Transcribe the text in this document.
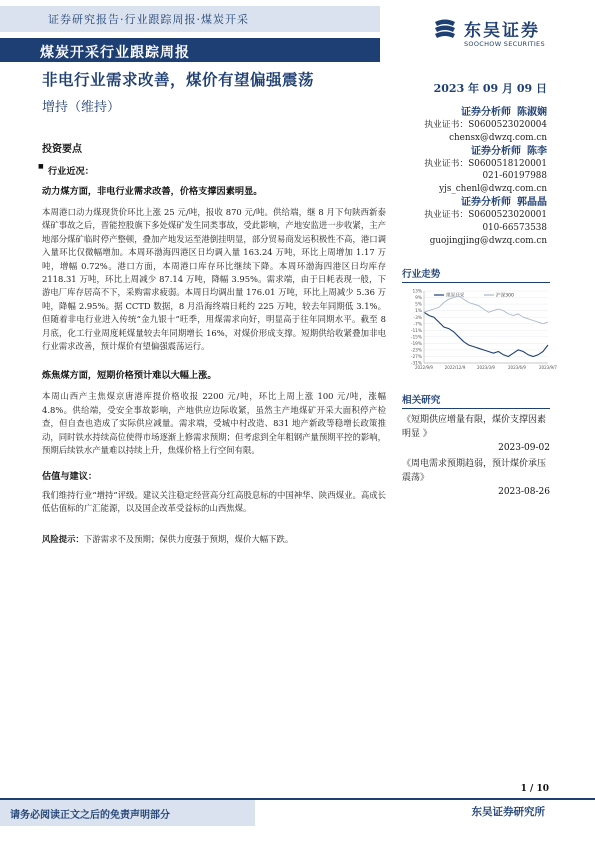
证券研究报告·行业跟踪周报·煤炭开采
煤炭开采行业跟踪周报
东吴证券
SOOCHOW SECURITIES
非电行业需求改善，煤价有望偏强震荡
增持（维持）
2023 年 09 月 09 日
证券分析师 陈淑娴
执业证书：S0600523020004
chensx@dwzq.com.cn
证券分析师 陈李
执业证书：S0600518120001
021-60197988
yjs_chenl@dwzq.com.cn
证券分析师 郭晶晶
执业证书：S0600523020001
010-66573538
guojingjing@dwzq.com.cn
投资要点
■ 行业近况：
动力煤方面，非电行业需求改善，价格支撑因素明显。

本周港口动力煤现货价环比上涨 25 元/吨，报收 870 元/吨。供给端，继 8 月下旬陕西新泰煤矿事故之后，晋能控股旗下多处煤矿发生同类事故，受此影响，产地安监进一步收紧，主产地部分煤矿临时停产整顿，叠加产地发运至港倒挂明显，部分贸易商发运积极性不高，港口调入量环比仅微幅增加。本周环渤海四港区日均调入量 163.24 万吨，环比上周增加 1.17 万吨，增幅 0.72%。港口方面，本周港口库存环比继续下降。本周环渤海四港区日均库存 2118.31 万吨，环比上周减少 87.14 万吨，降幅 3.95%。需求端，由于日耗表现一般，下游电厂库存居高不下，采购需求疲弱。本周日均调出量 176.01 万吨，环比上周减少 5.36 万吨，降幅 2.95%。据 CCTD 数据，8 月沿海终端日耗约 225 万吨，较去年同期低 3.1%。但随着非电行业进入传统“金九银十”旺季，用煤需求向好，明显高于往年同期水平。截至 8 月底，化工行业周度耗煤量较去年同期增长 16%，对煤价形成支撑。短期供给收紧叠加非电行业需求改善，预计煤价有望偏强震荡运行。

炼焦煤方面，短期价格预计难以大幅上涨。

本周山西产主焦煤京唐港库提价格收报 2200 元/吨，环比上周上涨 100 元/吨，涨幅 4.8%。供给端，受安全事故影响，产地供应边际收紧，虽然主产地煤矿开采大面积停产检查，但自查也造成了实际供应减量。需求端，受城中村改造、831 地产新政等稳增长政策推动，同时铁水持续高位使得市场逐渐上修需求预期；但考虑到全年粗钢产量预期平控的影响，预期后续铁水产量难以持续上升，焦煤价格上行空间有限。

估值与建议：

我们维持行业“增持”评级。建议关注稳定经营高分红高股息标的中国神华、陕西煤业。高成长低估值标的广汇能源，以及国企改革受益标的山西焦煤。

风险提示：下游需求不及预期；保供力度强于预期，煤价大幅下跌。

行业走势
13%
9%
5%
1%
-3%
-7%
-11%
-15%
-19%
-23%
-27%
-31%
2022/9/9	2022/12/9	2023/3/9	2023/6/9	2023/9/7
煤炭开采	沪深300
相关研究
《短期供应增量有限，煤价支撑因素明显 》
2023-09-02
《周电需求预期趋弱，预计煤价承压震荡》
2023-08-26
1 / 10
请务必阅读正文之后的免责声明部分	东吴证券研究所
